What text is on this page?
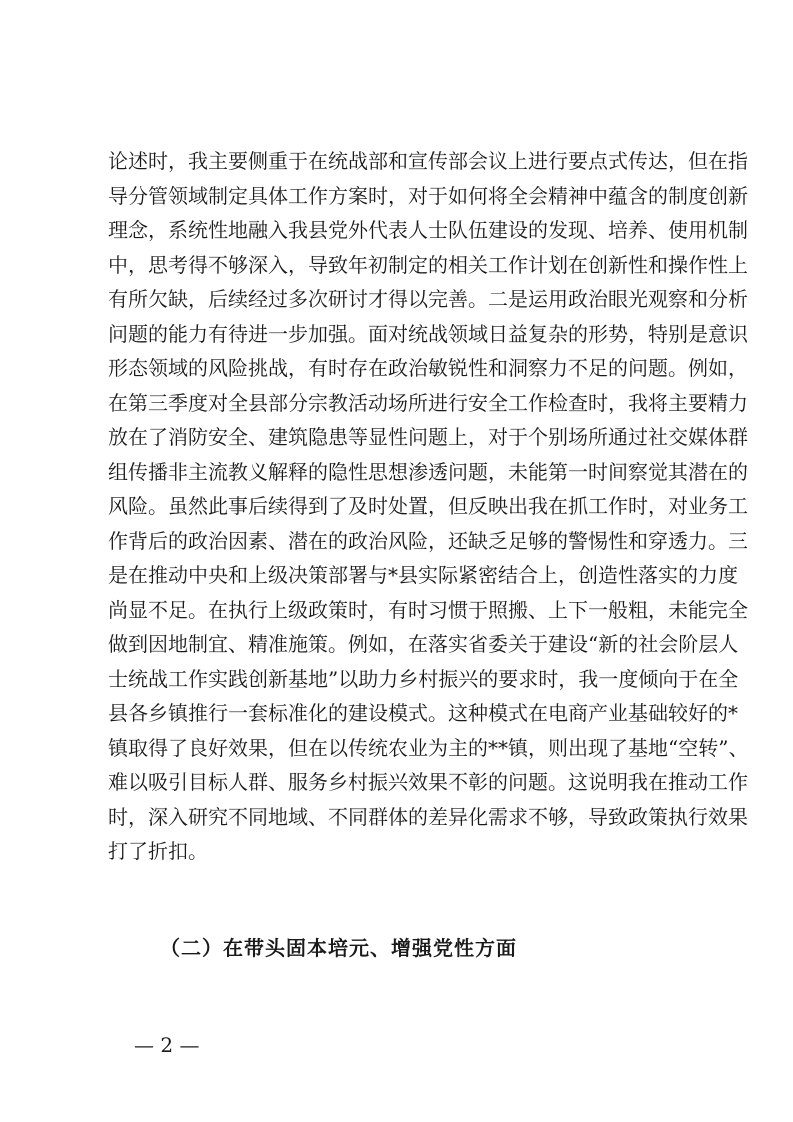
论述时，我主要侧重于在统战部和宣传部会议上进行要点式传达，但在指
导分管领域制定具体工作方案时，对于如何将全会精神中蕴含的制度创新
理念，系统性地融入我县党外代表人士队伍建设的发现、培养、使用机制
中，思考得不够深入，导致年初制定的相关工作计划在创新性和操作性上
有所欠缺，后续经过多次研讨才得以完善。二是运用政治眼光观察和分析
问题的能力有待进一步加强。面对统战领域日益复杂的形势，特别是意识
形态领域的风险挑战，有时存在政治敏锐性和洞察力不足的问题。例如，
在第三季度对全县部分宗教活动场所进行安全工作检查时，我将主要精力
放在了消防安全、建筑隐患等显性问题上，对于个别场所通过社交媒体群
组传播非主流教义解释的隐性思想渗透问题，未能第一时间察觉其潜在的
风险。虽然此事后续得到了及时处置，但反映出我在抓工作时，对业务工
作背后的政治因素、潜在的政治风险，还缺乏足够的警惕性和穿透力。三
是在推动中央和上级决策部署与*县实际紧密结合上，创造性落实的力度
尚显不足。在执行上级政策时，有时习惯于照搬、上下一般粗，未能完全
做到因地制宜、精准施策。例如，在落实省委关于建设“新的社会阶层人
士统战工作实践创新基地”以助力乡村振兴的要求时，我一度倾向于在全
县各乡镇推行一套标准化的建设模式。这种模式在电商产业基础较好的*
镇取得了良好效果，但在以传统农业为主的**镇，则出现了基地“空转”、
难以吸引目标人群、服务乡村振兴效果不彰的问题。这说明我在推动工作
时，深入研究不同地域、不同群体的差异化需求不够，导致政策执行效果
打了折扣。
（二）在带头固本培元、增强党性方面
— 2 —
